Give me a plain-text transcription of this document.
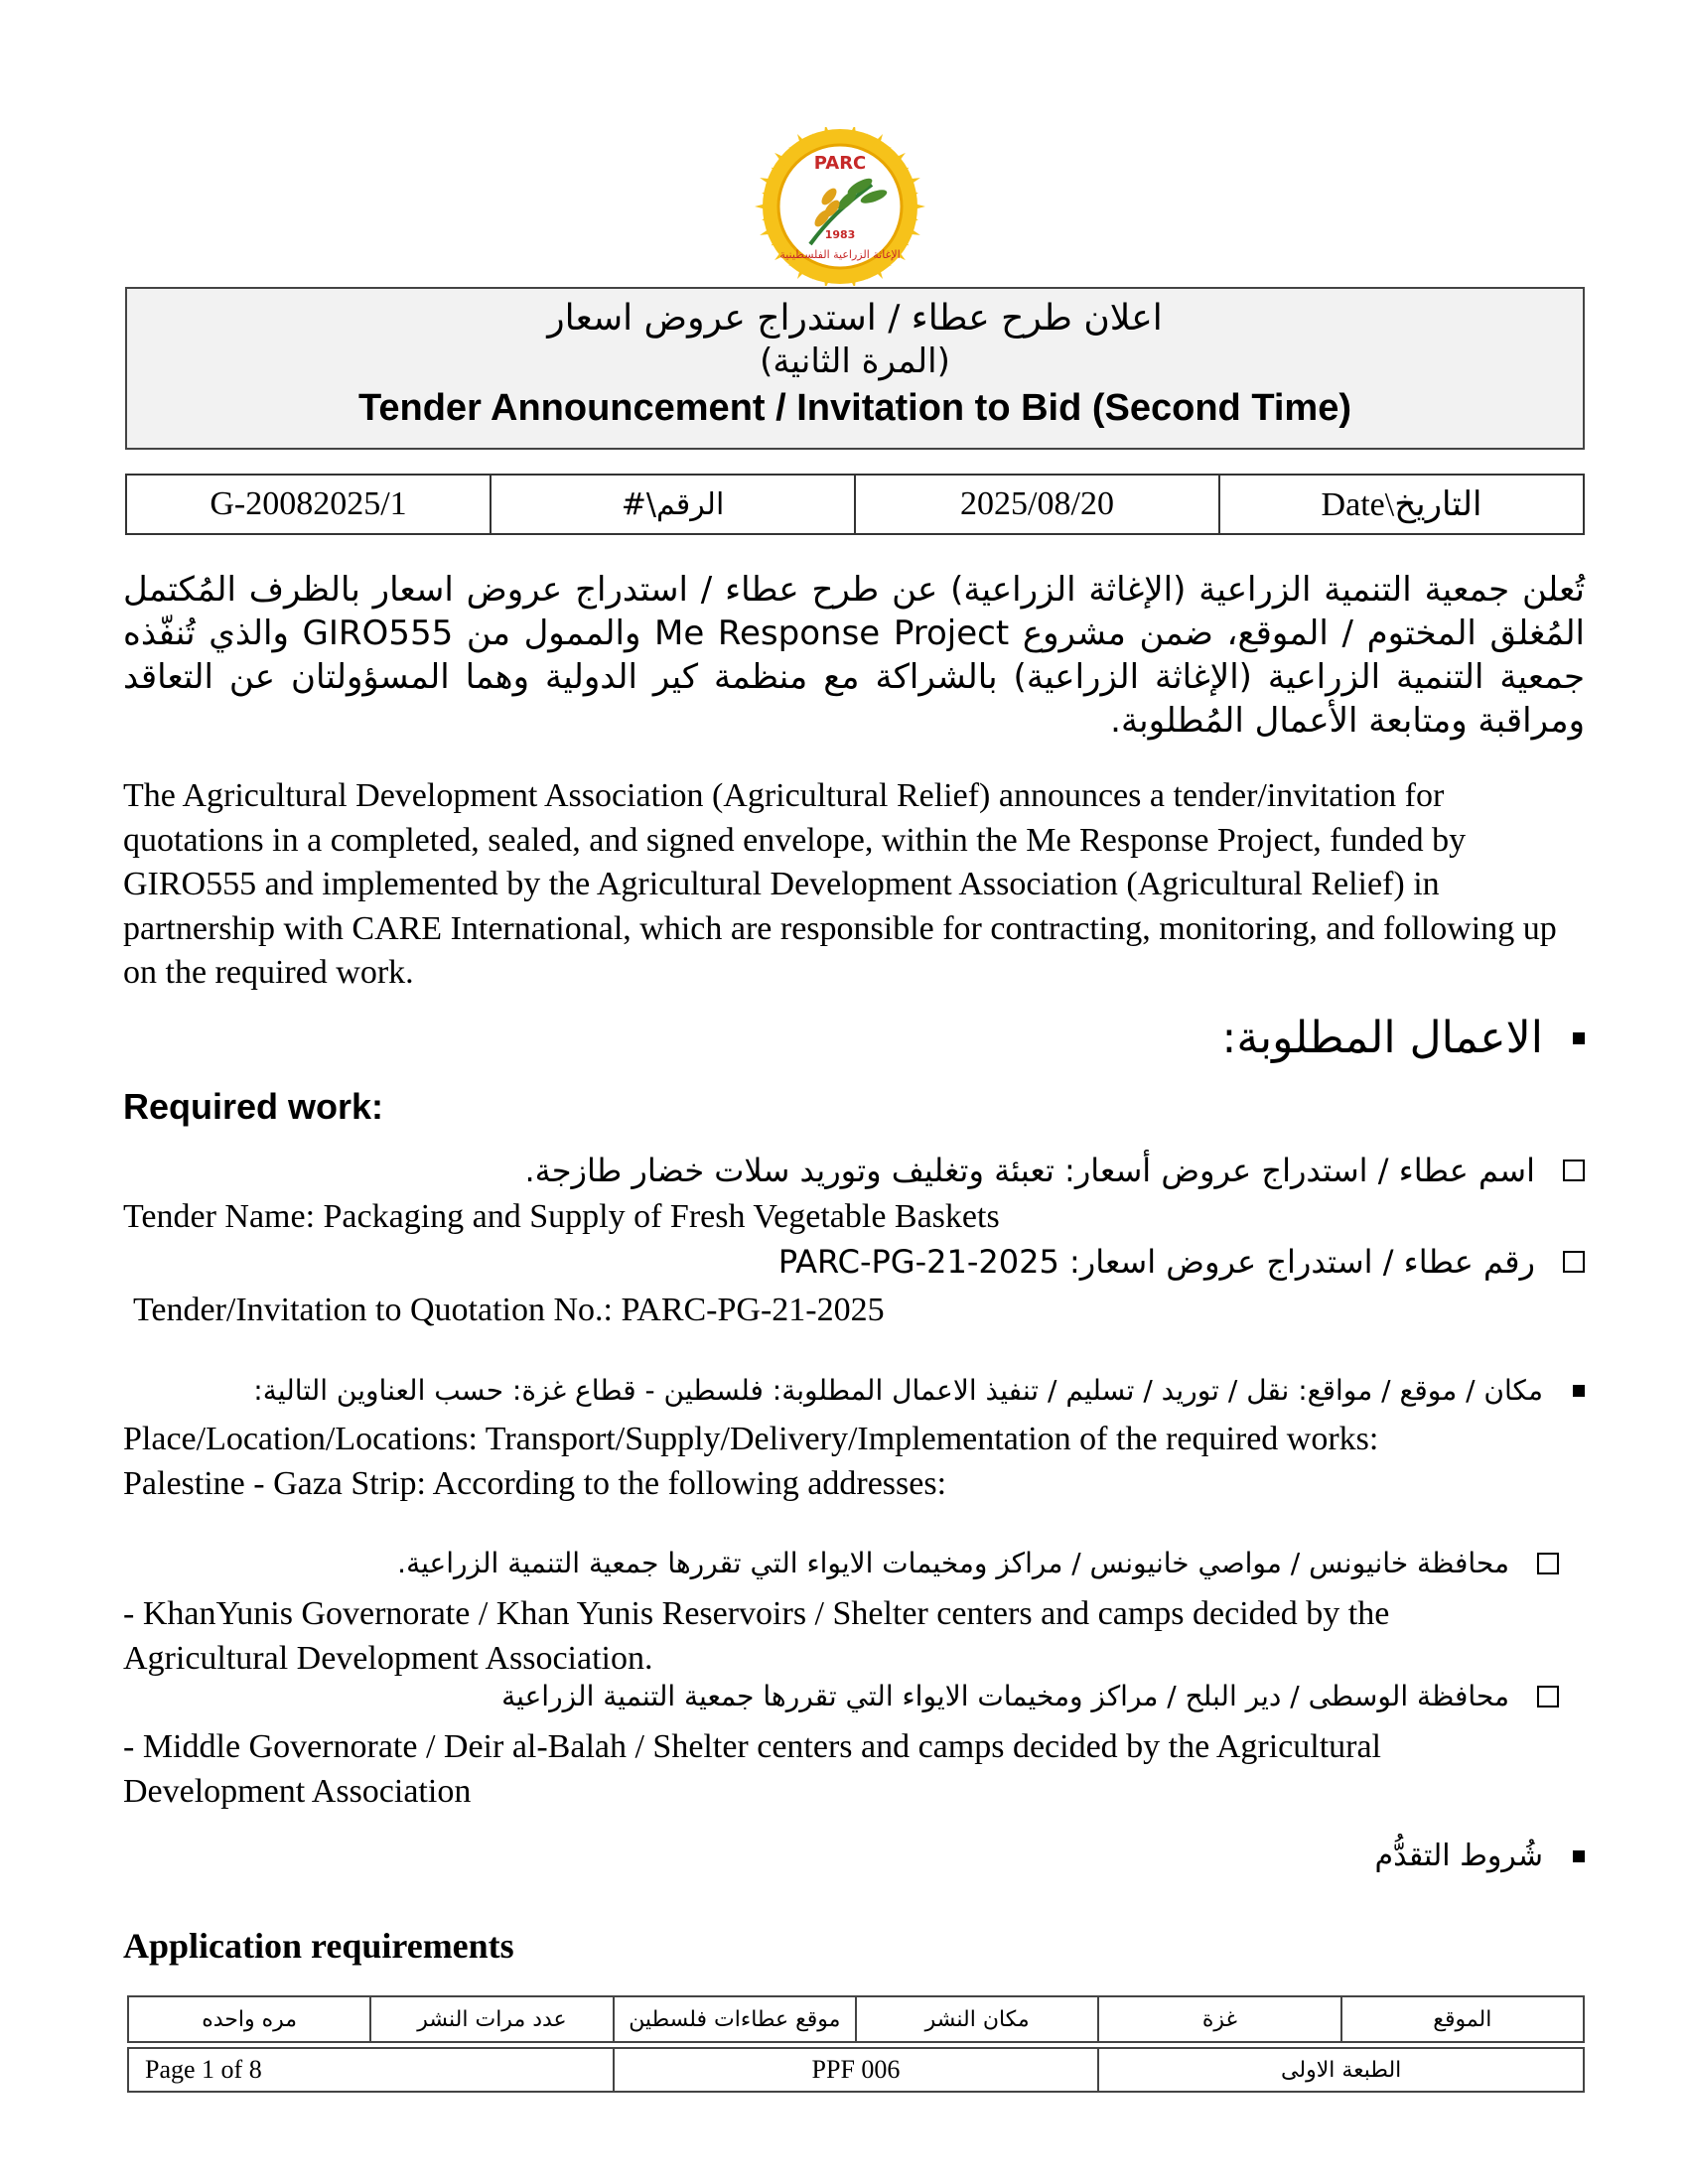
PARC
1983
الإغاثة الزراعية الفلسطينية
اعلان طرح عطاء / استدراج عروض اسعار
(المرة الثانية)
Tender Announcement / Invitation to Bid (Second Time)
G-20082025/1	الرقم\#	2025/08/20	Date\التاريخ
تُعلن جمعية التنمية الزراعية (الإغاثة الزراعية) عن طرح عطاء / استدراج عروض اسعار بالظرف المُكتمل المُغلق المختوم / الموقع، ضمن مشروع Me Response Project والممول من GIRO555 والذي تُنفّذه جمعية التنمية الزراعية (الإغاثة الزراعية) بالشراكة مع منظمة كير الدولية وهما المسؤولتان عن التعاقد ومراقبة ومتابعة الأعمال المُطلوبة.
The Agricultural Development Association (Agricultural Relief) announces a tender/invitation for quotations in a completed, sealed, and signed envelope, within the Me Response Project, funded by GIRO555 and implemented by the Agricultural Development Association (Agricultural Relief) in partnership with CARE International, which are responsible for contracting, monitoring, and following up on the required work.
الاعمال المطلوبة:
Required work:
اسم عطاء / استدراج عروض أسعار: تعبئة وتغليف وتوريد سلات خضار طازجة.
Tender Name: Packaging and Supply of Fresh Vegetable Baskets
رقم عطاء / استدراج عروض اسعار: PARC-PG-21-2025
Tender/Invitation to Quotation No.: PARC-PG-21-2025
مكان / موقع / مواقع: نقل / توريد / تسليم / تنفيذ الاعمال المطلوبة: فلسطين - قطاع غزة: حسب العناوين التالية:
Place/Location/Locations: Transport/Supply/Delivery/Implementation of the required works: Palestine - Gaza Strip: According to the following addresses:
محافظة خانيونس / مواصي خانيونس / مراكز ومخيمات الايواء التي تقررها جمعية التنمية الزراعية.
- KhanYunis Governorate / Khan Yunis Reservoirs / Shelter centers and camps decided by the Agricultural Development Association.
محافظة الوسطى / دير البلح / مراكز ومخيمات الايواء التي تقررها جمعية التنمية الزراعية
- Middle Governorate / Deir al-Balah / Shelter centers and camps decided by the Agricultural Development Association
شُروط التقدُّم
Application requirements
مره واحده	عدد مرات النشر	موقع عطاءات فلسطين	مكان النشر	غزة	الموقع
Page 1 of 8	PPF 006	الطبعة الاولى
